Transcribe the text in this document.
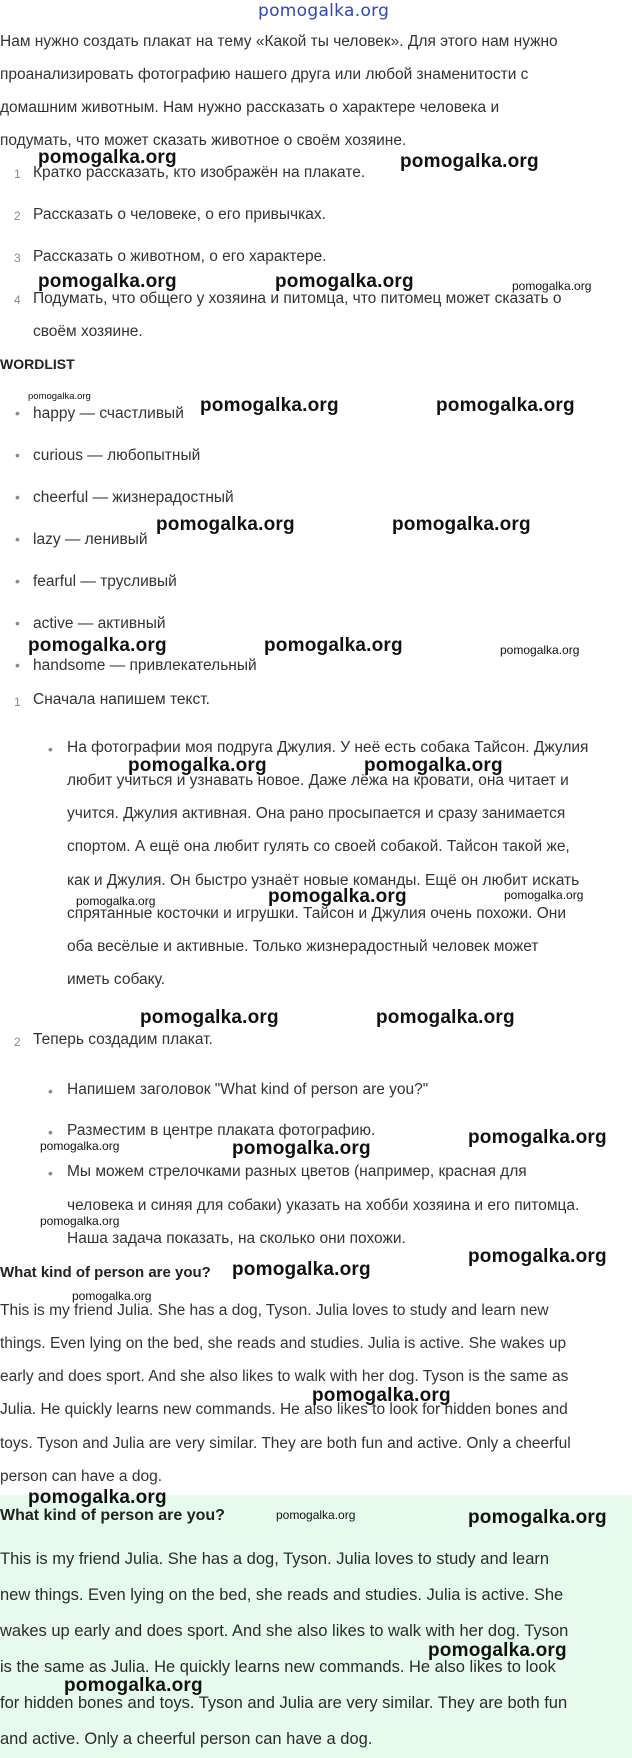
pomogalka.org
Нам нужно создать плакат на тему «Какой ты человек». Для этого нам нужно
проанализировать фотографию нашего друга или любой знаменитости с
домашним животным. Нам нужно рассказать о характере человека и
подумать, что может сказать животное о своём хозяине.
1 Кратко рассказать, кто изображён на плакате.
2 Рассказать о человеке, о его привычках.
3 Рассказать о животном, о его характере.
4 Подумать, что общего у хозяина и питомца, что питомец может сказать о
своём хозяине.
WORDLIST
• happy — счастливый
• curious — любопытный
• cheerful — жизнерадостный
• lazy — ленивый
• fearful — трусливый
• active — активный
• handsome — привлекательный
1 Сначала напишем текст.
• На фотографии моя подруга Джулия. У неё есть собака Тайсон. Джулия
любит учиться и узнавать новое. Даже лёжа на кровати, она читает и
учится. Джулия активная. Она рано просыпается и сразу занимается
спортом. А ещё она любит гулять со своей собакой. Тайсон такой же,
как и Джулия. Он быстро узнаёт новые команды. Ещё он любит искать
спрятанные косточки и игрушки. Тайсон и Джулия очень похожи. Они
оба весёлые и активные. Только жизнерадостный человек может
иметь собаку.
2 Теперь создадим плакат.
• Напишем заголовок "What kind of person are you?"
• Разместим в центре плаката фотографию.
• Мы можем стрелочками разных цветов (например, красная для
человека и синяя для собаки) указать на хобби хозяина и его питомца.
Наша задача показать, на сколько они похожи.
What kind of person are you?
This is my friend Julia. She has a dog, Tyson. Julia loves to study and learn new
things. Even lying on the bed, she reads and studies. Julia is active. She wakes up
early and does sport. And she also likes to walk with her dog. Tyson is the same as
Julia. He quickly learns new commands. He also likes to look for hidden bones and
toys. Tyson and Julia are very similar. They are both fun and active. Only a cheerful
person can have a dog.
What kind of person are you?
This is my friend Julia. She has a dog, Tyson. Julia loves to study and learn
new things. Even lying on the bed, she reads and studies. Julia is active. She
wakes up early and does sport. And she also likes to walk with her dog. Tyson
is the same as Julia. He quickly learns new commands. He also likes to look
for hidden bones and toys. Tyson and Julia are very similar. They are both fun
and active. Only a cheerful person can have a dog.
pomogalka.org	pomogalka.org
pomogalka.org	pomogalka.org	pomogalka.org
pomogalka.org	pomogalka.org	pomogalka.org
pomogalka.org	pomogalka.org
pomogalka.org	pomogalka.org	pomogalka.org
pomogalka.org	pomogalka.org
pomogalka.org	pomogalka.org	pomogalka.org
pomogalka.org	pomogalka.org
pomogalka.org	pomogalka.org
pomogalka.org
pomogalka.org
pomogalka.org
pomogalka.org
pomogalka.org
pomogalka.org
pomogalka.org
pomogalka.org	pomogalka.org
pomogalka.org
pomogalka.org
